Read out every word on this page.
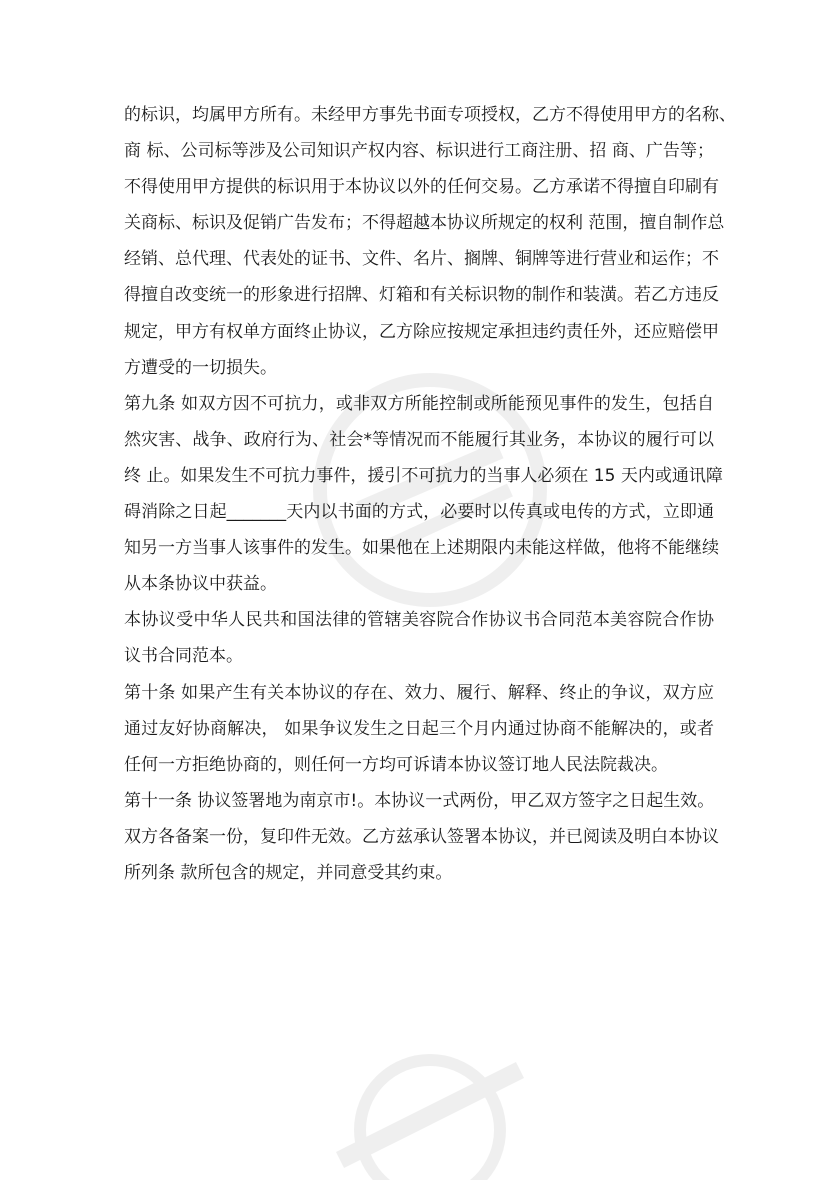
的标识，均属甲方所有。未经甲方事先书面专项授权，乙方不得使用甲方的名称、
商 标、公司标等涉及公司知识产权内容、标识进行工商注册、招 商、广告等；
不得使用甲方提供的标识用于本协议以外的任何交易。乙方承诺不得擅自印刷有
关商标、标识及促销广告发布；不得超越本协议所规定的权利 范围，擅自制作总
经销、总代理、代表处的证书、文件、名片、搁牌、铜牌等进行营业和运作；不
得擅自改变统一的形象进行招牌、灯箱和有关标识物的制作和装潢。若乙方违反
规定，甲方有权单方面终止协议，乙方除应按规定承担违约责任外，还应赔偿甲
方遭受的一切损失。
第九条 如双方因不可抗力，或非双方所能控制或所能预见事件的发生，包括自
然灾害、战争、政府行为、社会*等情况而不能履行其业务，本协议的履行可以
终 止。如果发生不可抗力事件，援引不可抗力的当事人必须在 15 天内或通讯障
碍消除之日起_______天内以书面的方式，必要时以传真或电传的方式，立即通
知另一方当事人该事件的发生。如果他在上述期限内未能这样做，他将不能继续
从本条协议中获益。
本协议受中华人民共和国法律的管辖美容院合作协议书合同范本美容院合作协
议书合同范本。
第十条 如果产生有关本协议的存在、效力、履行、解释、终止的争议，双方应
通过友好协商解决， 如果争议发生之日起三个月内通过协商不能解决的，或者
任何一方拒绝协商的，则任何一方均可诉请本协议签订地人民法院裁决。
第十一条 协议签署地为南京市!。本协议一式两份，甲乙双方签字之日起生效。
双方各备案一份，复印件无效。乙方兹承认签署本协议，并已阅读及明白本协议
所列条 款所包含的规定，并同意受其约束。
